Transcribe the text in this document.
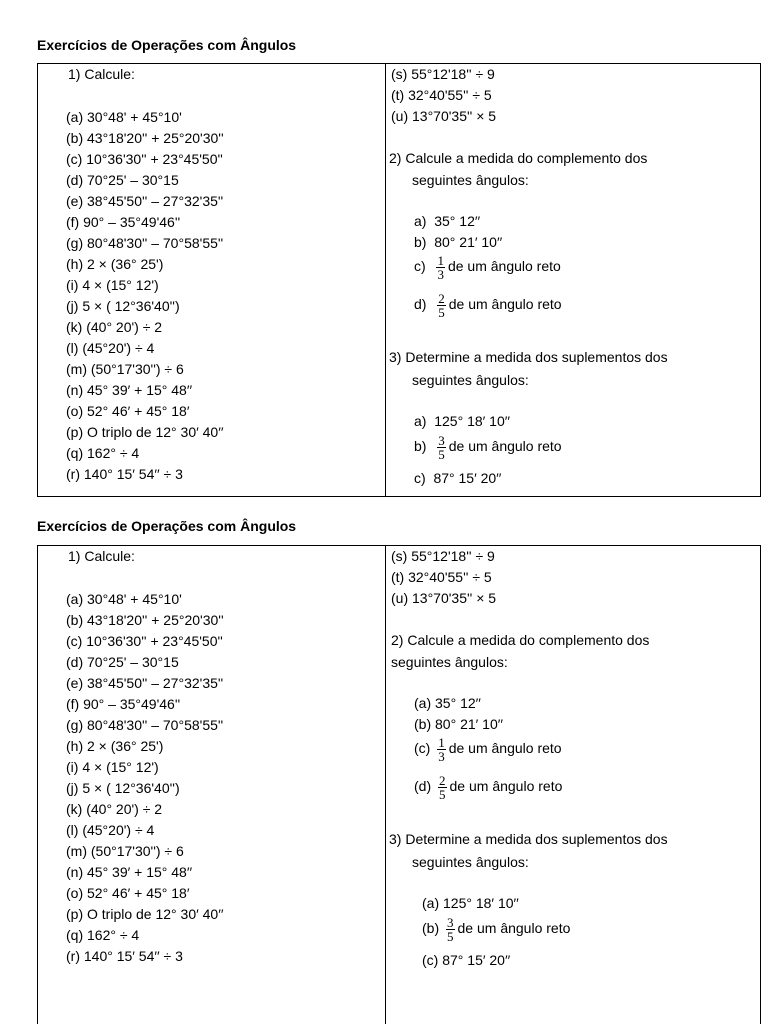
Exercícios de Operações com Ângulos
1) Calcule:
(a) 30°48' + 45°10'
(b) 43°18'20'' + 25°20'30''
(c) 10°36'30'' + 23°45'50''
(d) 70°25' – 30°15
(e) 38°45'50'' – 27°32'35''
(f) 90° – 35°49'46''
(g) 80°48'30'' – 70°58'55''
(h) 2 × (36° 25')
(i) 4 × (15° 12')
(j) 5 × ( 12°36'40'')
(k) (40° 20') ÷ 2
(l) (45°20') ÷ 4
(m) (50°17'30'') ÷ 6
(n) 45° 39′ + 15° 48′′
(o) 52° 46′ + 45° 18′
(p) O triplo de 12° 30′ 40′′
(q) 162° ÷ 4
(r) 140° 15′ 54′′ ÷ 3
(s) 55°12'18'' ÷ 9
(t) 32°40'55'' ÷ 5
(u) 13°70'35'' × 5
2) Calcule a medida do complemento dos
seguintes ângulos:
a) 35° 12′′
b) 80° 21′ 10′′
$c) \frac{1}{3}$ de um ângulo reto
$d) \frac{2}{5}$ de um ângulo reto
3) Determine a medida dos suplementos dos
seguintes ângulos:
a) 125° 18′ 10′′
$b) \frac{3}{5}$ de um ângulo reto
c) 87° 15′ 20′′
Exercícios de Operações com Ângulos
1) Calcule:
(a) 30°48' + 45°10'
(b) 43°18'20'' + 25°20'30''
(c) 10°36'30'' + 23°45'50''
(d) 70°25' – 30°15
(e) 38°45'50'' – 27°32'35''
(f) 90° – 35°49'46''
(g) 80°48'30'' – 70°58'55''
(h) 2 × (36° 25')
(i) 4 × (15° 12')
(j) 5 × ( 12°36'40'')
(k) (40° 20') ÷ 2
(l) (45°20') ÷ 4
(m) (50°17'30'') ÷ 6
(n) 45° 39′ + 15° 48′′
(o) 52° 46′ + 45° 18′
(p) O triplo de 12° 30′ 40′′
(q) 162° ÷ 4
(r) 140° 15′ 54′′ ÷ 3
(s) 55°12'18'' ÷ 9
(t) 32°40'55'' ÷ 5
(u) 13°70'35'' × 5
2) Calcule a medida do complemento dos
seguintes ângulos:
(a) 35° 12′′
(b) 80° 21′ 10′′
$(c) \frac{1}{3}$ de um ângulo reto
$(d) \frac{2}{5}$ de um ângulo reto
3) Determine a medida dos suplementos dos
seguintes ângulos:
(a) 125° 18′ 10′′
$(b) \frac{3}{5}$ de um ângulo reto
(c) 87° 15′ 20′′
